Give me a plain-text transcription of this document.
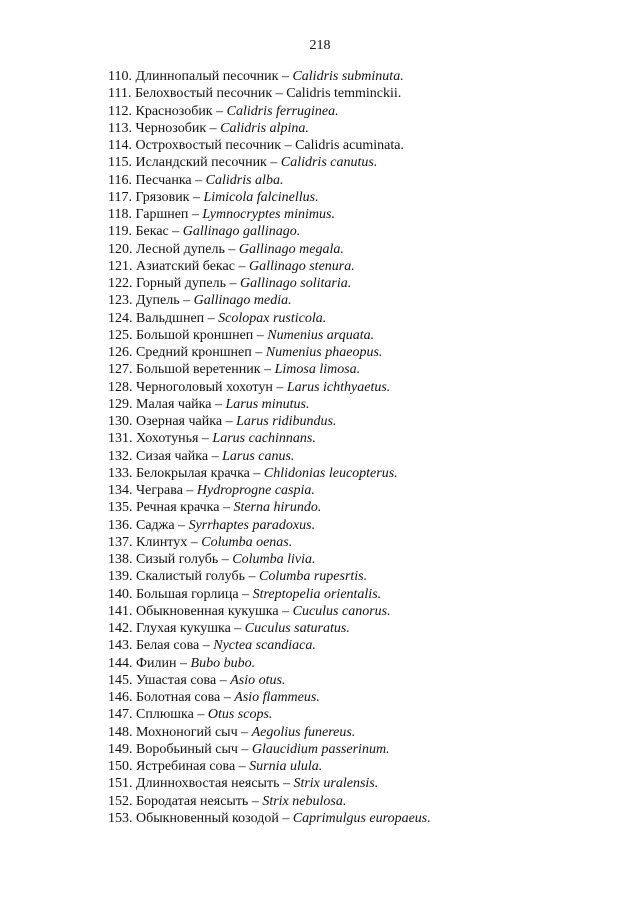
218
110. Длиннопалый песочник – Calidris subminuta.
111. Белохвостый песочник – Calidris temminckii.
112. Краснозобик – Calidris ferruginea.
113. Чернозобик – Calidris alpina.
114. Острохвостый песочник – Calidris acuminata.
115. Исландский песочник – Calidris canutus.
116. Песчанка – Calidris alba.
117. Грязовик – Limicola falcinellus.
118. Гаршнеп – Lymnocryptes minimus.
119. Бекас – Gallinago gallinago.
120. Лесной дупель – Gallinago megala.
121. Азиатский бекас – Gallinago stenura.
122. Горный дупель – Gallinago solitaria.
123. Дупель – Gallinago media.
124. Вальдшнеп – Scolopax rusticola.
125. Большой кроншнеп – Numenius arquata.
126. Средний кроншнеп – Numenius phaeopus.
127. Большой веретенник – Limosa limosa.
128. Черноголовый хохотун – Larus ichthyaetus.
129. Малая чайка – Larus minutus.
130. Озерная чайка – Larus ridibundus.
131. Хохотунья – Larus cachinnans.
132. Сизая чайка – Larus canus.
133. Белокрылая крачка – Chlidonias leucopterus.
134. Чеграва – Hydroprogne caspia.
135. Речная крачка – Sterna hirundo.
136. Саджа – Syrrhaptes paradoxus.
137. Клинтух – Columba oenas.
138. Сизый голубь – Columba livia.
139. Скалистый голубь – Columba rupesrtis.
140. Большая горлица – Streptopelia orientalis.
141. Обыкновенная кукушка – Cuculus canorus.
142. Глухая кукушка – Cuculus saturatus.
143. Белая сова – Nyctea scandiaca.
144. Филин – Bubo bubo.
145. Ушастая сова – Asio otus.
146. Болотная сова – Asio flammeus.
147. Сплюшка – Otus scops.
148. Мохноногий сыч – Aegolius funereus.
149. Воробьиный сыч – Glaucidium passerinum.
150. Ястребиная сова – Surnia ulula.
151. Длиннохвостая неясыть – Strix uralensis.
152. Бородатая неясыть – Strix nebulosa.
153. Обыкновенный козодой – Caprimulgus europaeus.
